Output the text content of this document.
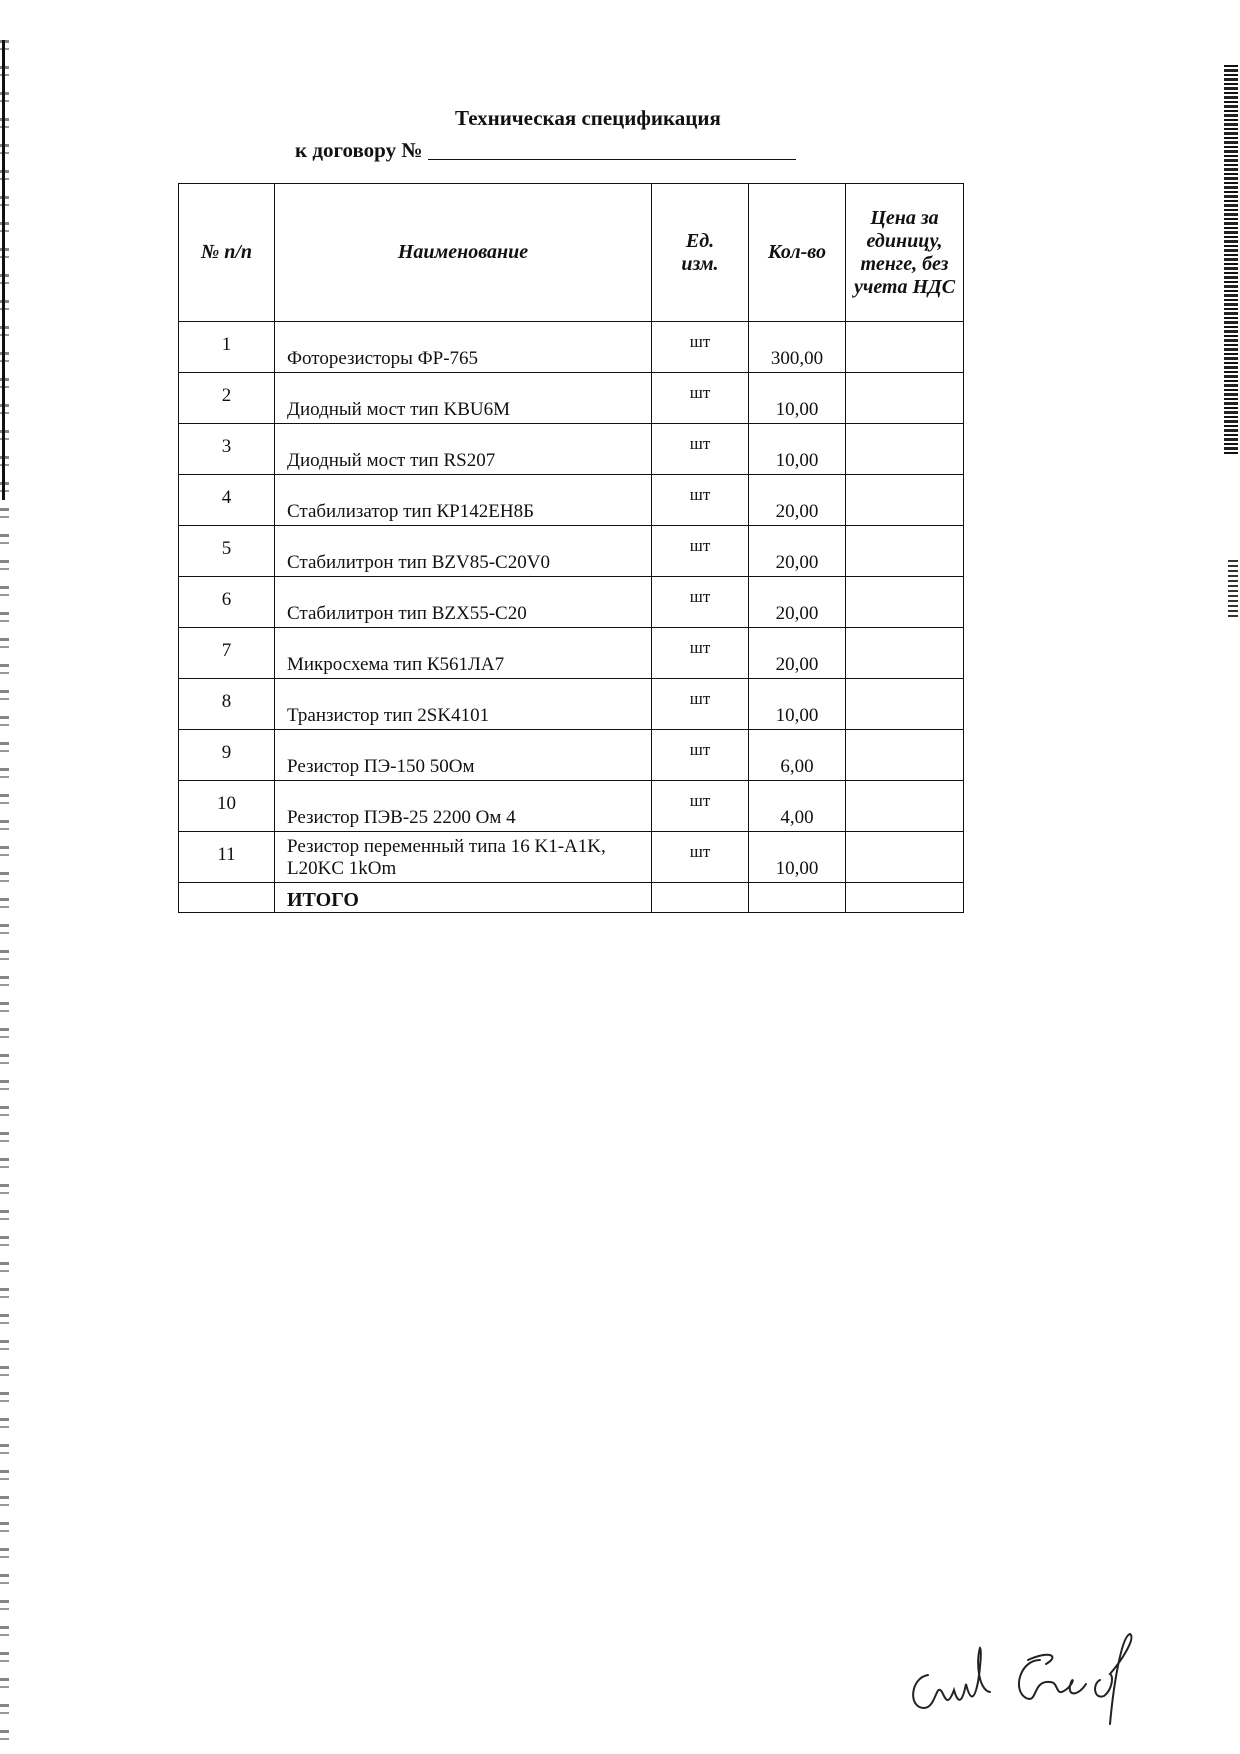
Техническая спецификация
к договору №
№ п/п	Наименование	Ед. изм.	Кол-во	Цена за единицу, тенге, без учета НДС
1	Фоторезисторы ФР-765	шт	300,00	
2	Диодный мост тип KBU6M	шт	10,00	
3	Диодный мост тип RS207	шт	10,00	
4	Стабилизатор тип КР142ЕН8Б	шт	20,00	
5	Стабилитрон тип BZV85-C20V0	шт	20,00	
6	Стабилитрон тип BZX55-C20	шт	20,00	
7	Микросхема тип К561ЛА7	шт	20,00	
8	Транзистор тип 2SK4101	шт	10,00	
9	Резистор ПЭ-150 50Ом	шт	6,00	
10	Резистор ПЭВ-25 2200 Ом 4	шт	4,00	
11	Резистор переменный типа 16 K1-A1K, L20KC 1kOm	шт	10,00	
	ИТОГО			
